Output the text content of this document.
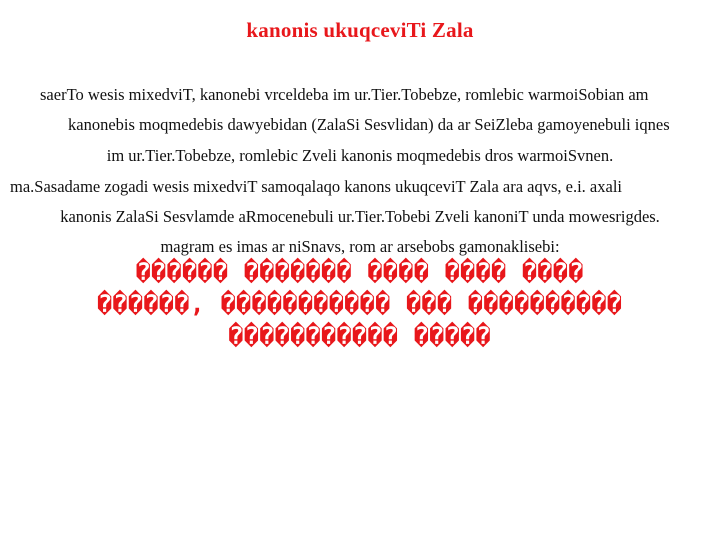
kanonis ukuqceviTi Zala
saerTo wesis mixedviT, kanonebi vrceldeba im ur.Tier.Tobebze, romlebic warmoiSobian am
kanonebis moqmedebis dawyebidan (ZalaSi Sesvlidan) da ar SeiZleba gamoyenebuli iqnes
im ur.Tier.Tobebze, romlebic Zveli kanonis moqmedebis dros warmoiSvnen.
ma.Sasadame zogadi wesis mixedviT samoqalaqo kanons ukuqceviT Zala ara aqvs, e.i. axali
kanonis ZalaSi Sesvlamde aRmocenebuli ur.Tier.Tobebi Zveli kanoniT unda mowesrigdes.
magram es imas ar niSnavs, rom ar arsebobs gamonaklisebi:
������ ������� ���� ���� ����
������, ����������� ��� ����������
����������� �����
